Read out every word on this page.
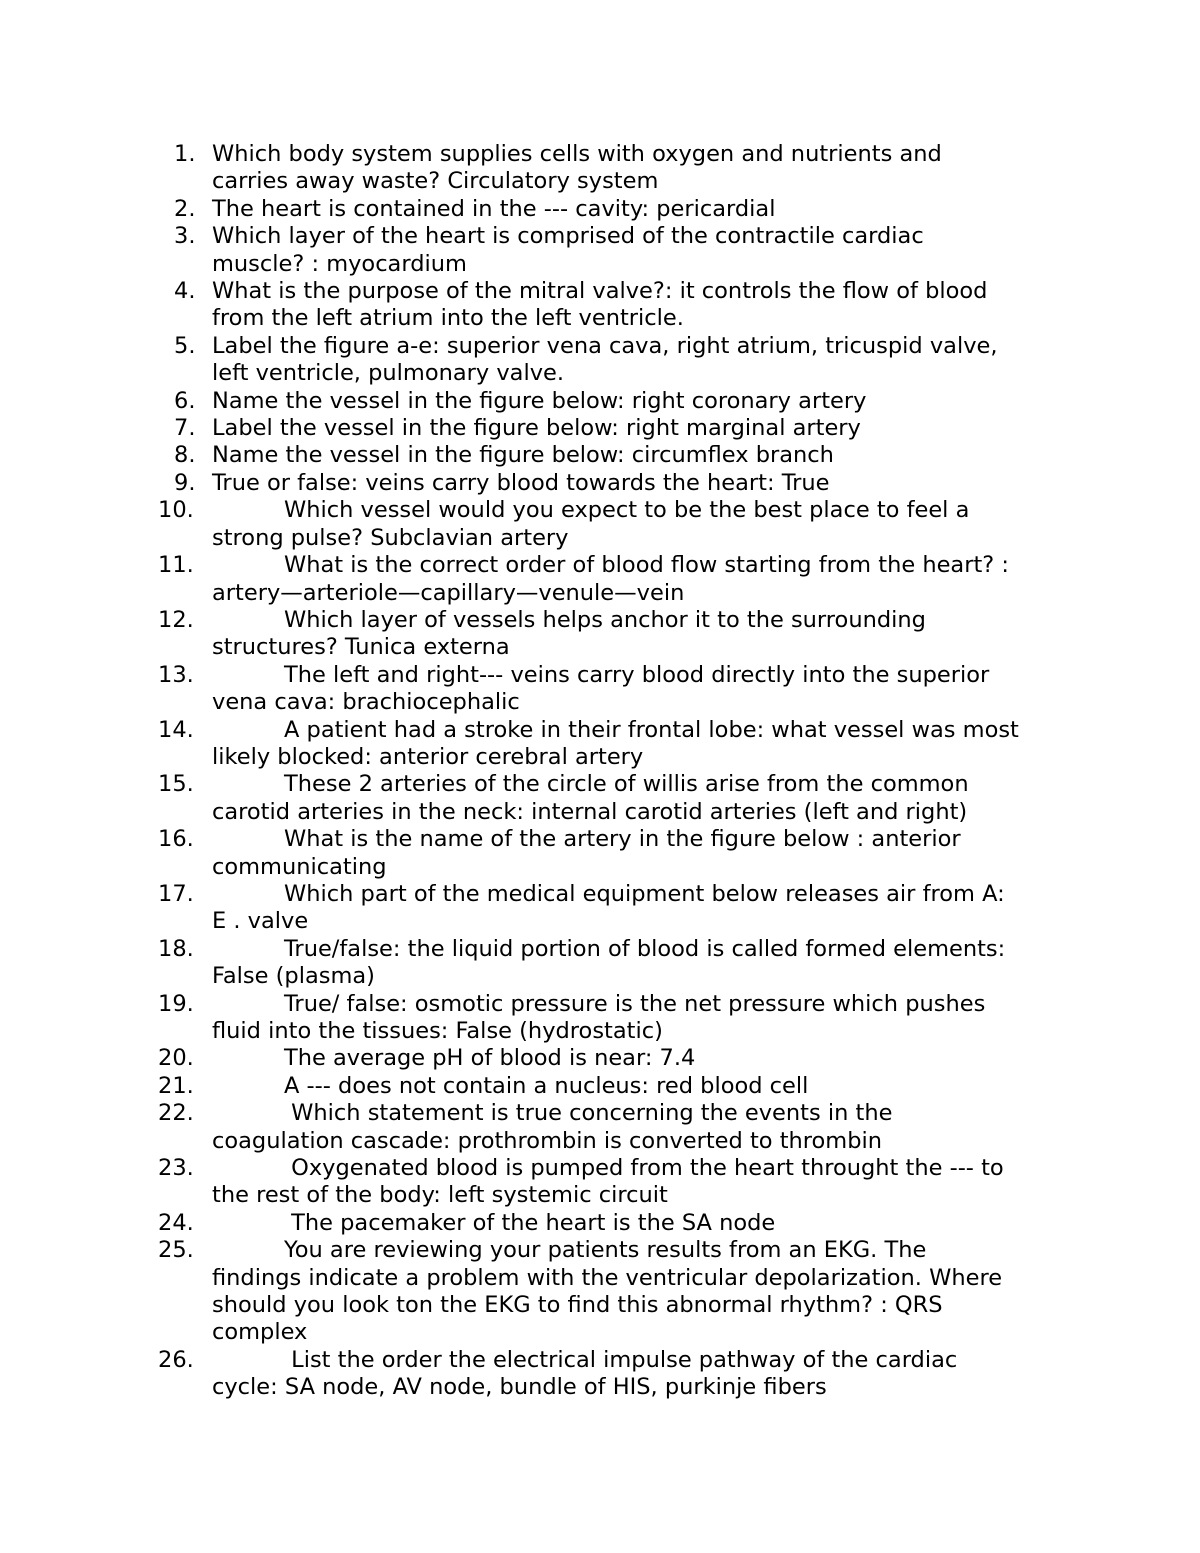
1. Which body system supplies cells with oxygen and nutrients and
carries away waste? Circulatory system
2. The heart is contained in the --- cavity: pericardial
3. Which layer of the heart is comprised of the contractile cardiac
muscle? : myocardium
4. What is the purpose of the mitral valve?: it controls the flow of blood
from the left atrium into the left ventricle.
5. Label the figure a-e: superior vena cava, right atrium, tricuspid valve,
left ventricle, pulmonary valve.
6. Name the vessel in the figure below: right coronary artery
7. Label the vessel in the figure below: right marginal artery
8. Name the vessel in the figure below: circumflex branch
9. True or false: veins carry blood towards the heart: True
10.	Which vessel would you expect to be the best place to feel a
strong pulse? Subclavian artery
11.	What is the correct order of blood flow starting from the heart? :
artery—arteriole—capillary—venule—vein
12.	Which layer of vessels helps anchor it to the surrounding
structures? Tunica externa
13.	The left and right--- veins carry blood directly into the superior
vena cava: brachiocephalic
14.	A patient had a stroke in their frontal lobe: what vessel was most
likely blocked: anterior cerebral artery
15.	These 2 arteries of the circle of willis arise from the common
carotid arteries in the neck: internal carotid arteries (left and right)
16.	What is the name of the artery in the figure below : anterior
communicating
17.	Which part of the medical equipment below releases air from A:
E . valve
18.	True/false: the liquid portion of blood is called formed elements:
False (plasma)
19.	True/ false: osmotic pressure is the net pressure which pushes
fluid into the tissues: False (hydrostatic)
20.	The average pH of blood is near: 7.4
21.	A --- does not contain a nucleus: red blood cell
22.	Which statement is true concerning the events in the
coagulation cascade: prothrombin is converted to thrombin
23.	Oxygenated blood is pumped from the heart throught the --- to
the rest of the body: left systemic circuit
24.	The pacemaker of the heart is the SA node
25.	You are reviewing your patients results from an EKG. The
findings indicate a problem with the ventricular depolarization. Where
should you look ton the EKG to find this abnormal rhythm? : QRS
complex
26.	List the order the electrical impulse pathway of the cardiac
cycle: SA node, AV node, bundle of HIS, purkinje fibers
